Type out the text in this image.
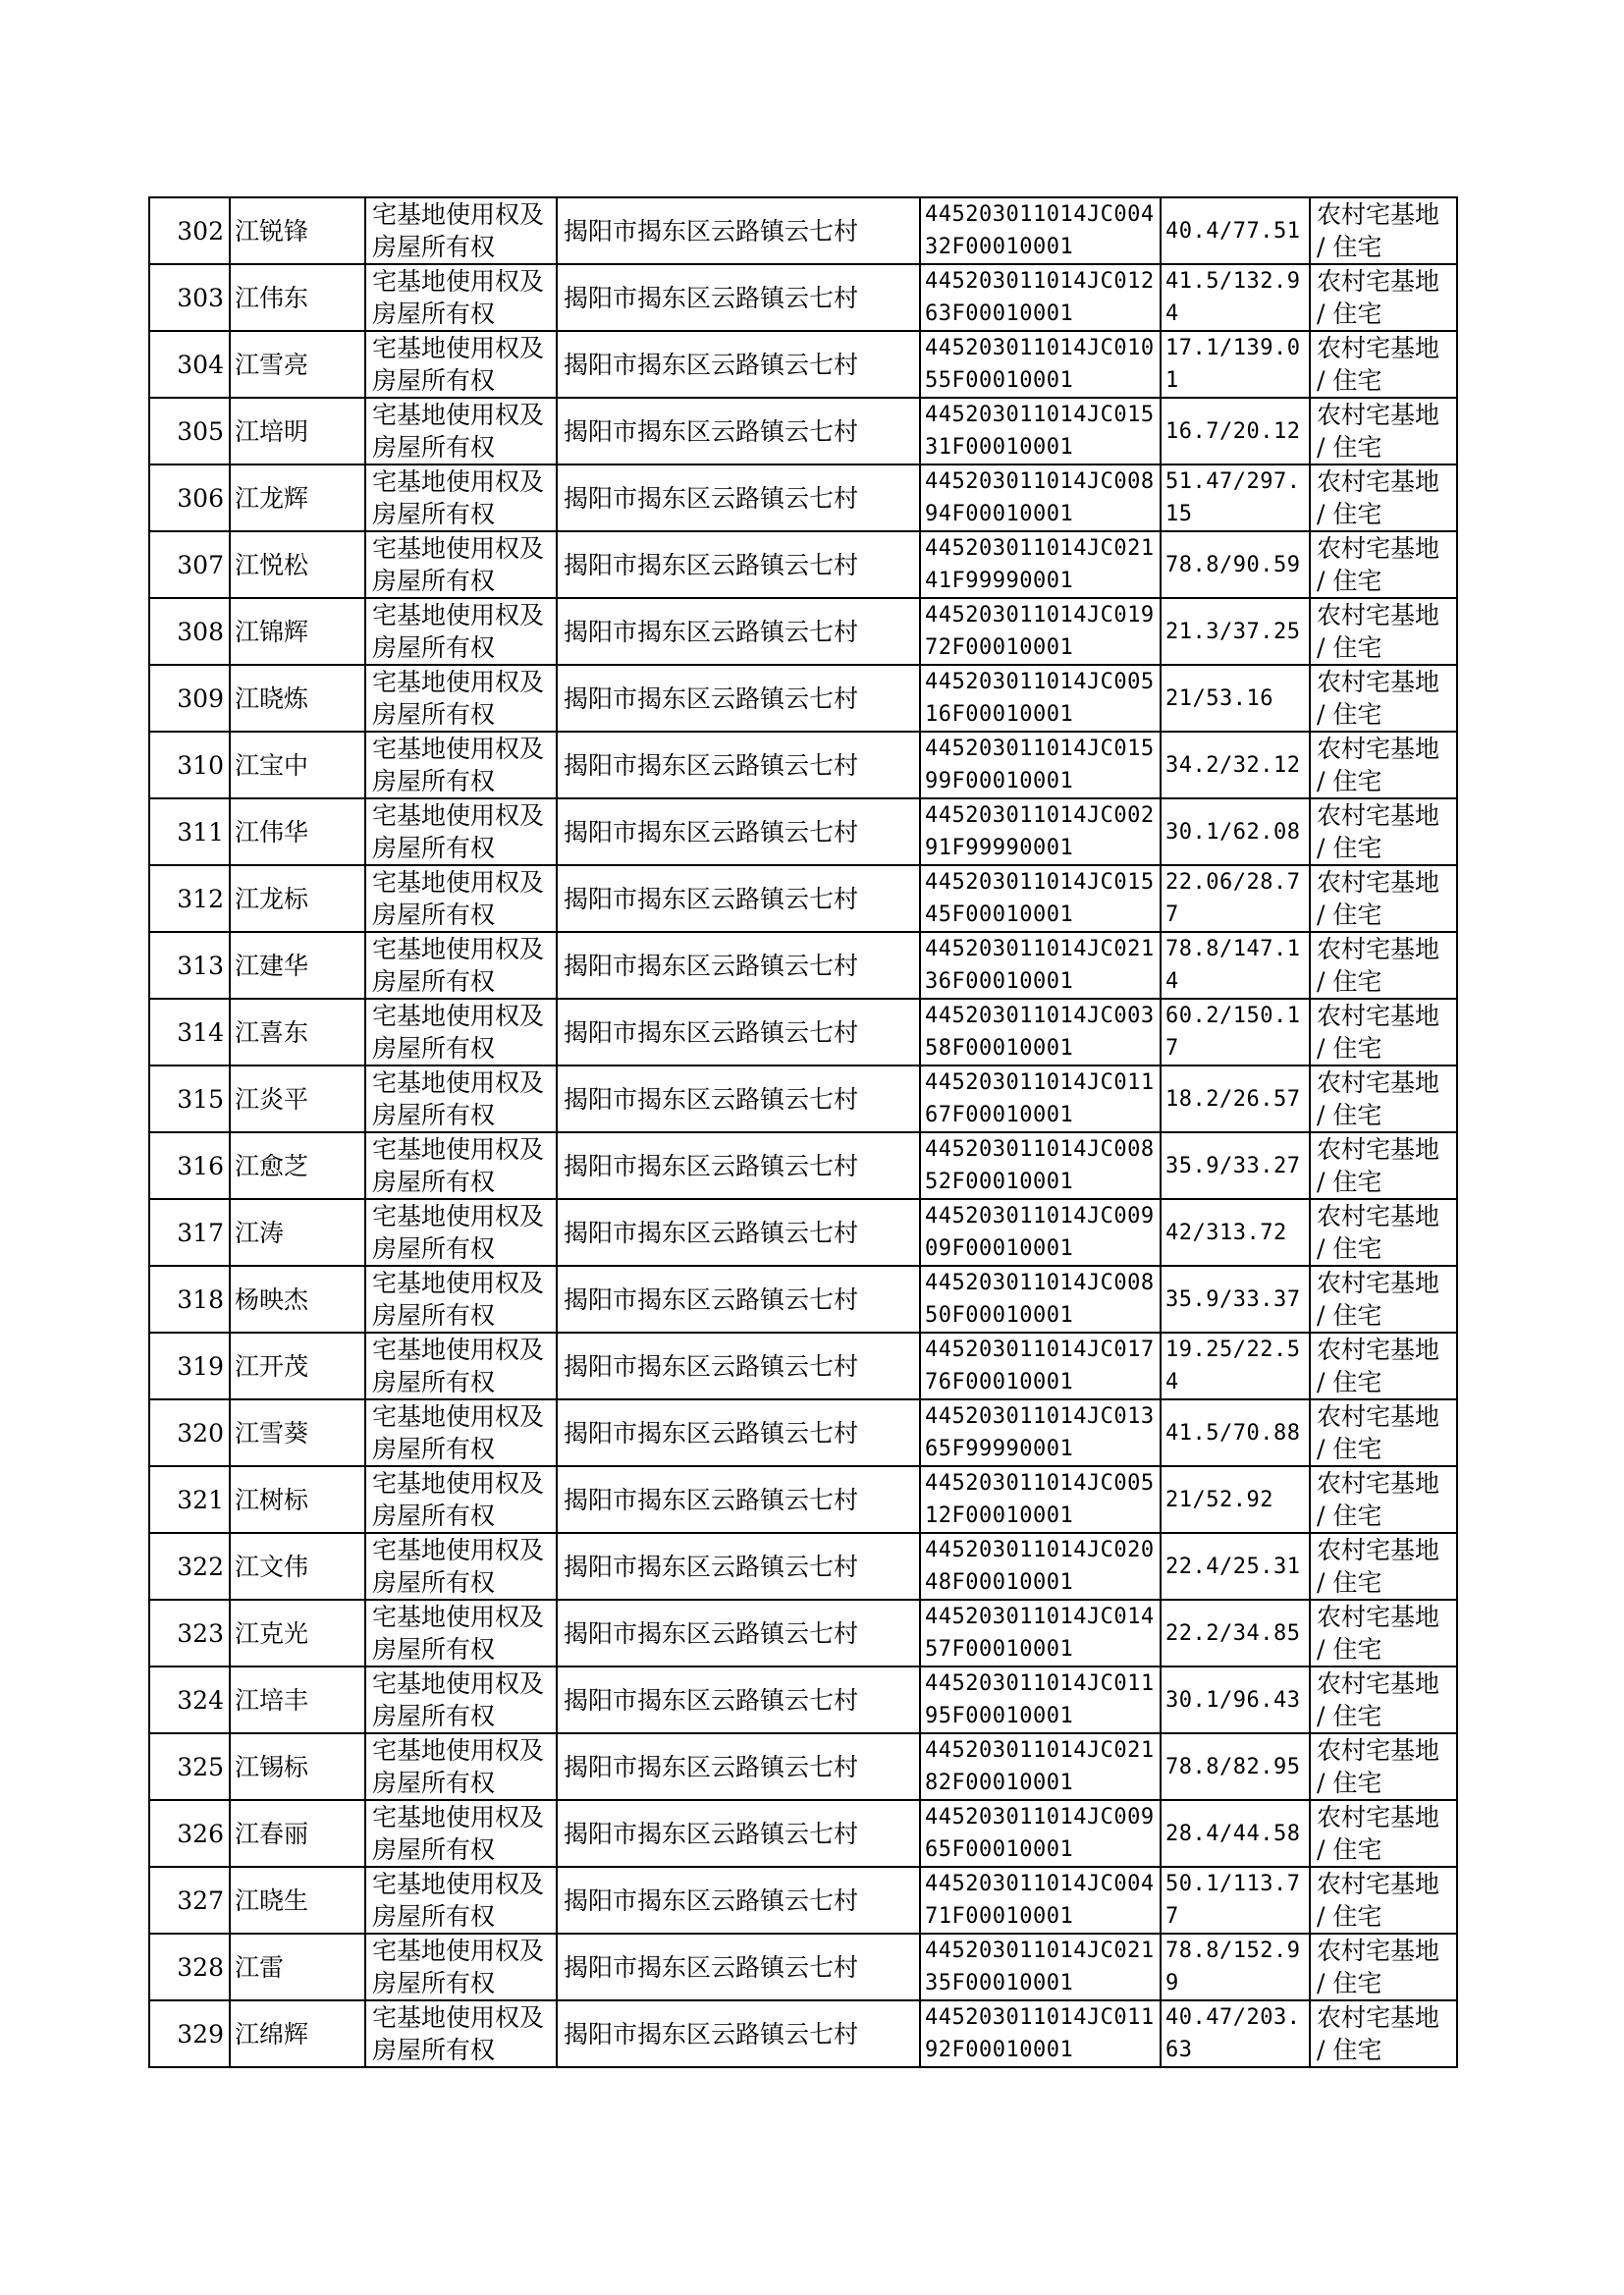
302	江锐锋	宅基地使用权及房屋所有权	揭阳市揭东区云路镇云七村	445203011014JC00432F00010001	40.4/77.51	农村宅基地 / 住宅
303	江伟东	宅基地使用权及房屋所有权	揭阳市揭东区云路镇云七村	445203011014JC01263F00010001	41.5/132.94	农村宅基地 / 住宅
304	江雪亮	宅基地使用权及房屋所有权	揭阳市揭东区云路镇云七村	445203011014JC01055F00010001	17.1/139.01	农村宅基地 / 住宅
305	江培明	宅基地使用权及房屋所有权	揭阳市揭东区云路镇云七村	445203011014JC01531F00010001	16.7/20.12	农村宅基地 / 住宅
306	江龙辉	宅基地使用权及房屋所有权	揭阳市揭东区云路镇云七村	445203011014JC00894F00010001	51.47/297.15	农村宅基地 / 住宅
307	江悦松	宅基地使用权及房屋所有权	揭阳市揭东区云路镇云七村	445203011014JC02141F99990001	78.8/90.59	农村宅基地 / 住宅
308	江锦辉	宅基地使用权及房屋所有权	揭阳市揭东区云路镇云七村	445203011014JC01972F00010001	21.3/37.25	农村宅基地 / 住宅
309	江晓炼	宅基地使用权及房屋所有权	揭阳市揭东区云路镇云七村	445203011014JC00516F00010001	21/53.16	农村宅基地 / 住宅
310	江宝中	宅基地使用权及房屋所有权	揭阳市揭东区云路镇云七村	445203011014JC01599F00010001	34.2/32.12	农村宅基地 / 住宅
311	江伟华	宅基地使用权及房屋所有权	揭阳市揭东区云路镇云七村	445203011014JC00291F99990001	30.1/62.08	农村宅基地 / 住宅
312	江龙标	宅基地使用权及房屋所有权	揭阳市揭东区云路镇云七村	445203011014JC01545F00010001	22.06/28.77	农村宅基地 / 住宅
313	江建华	宅基地使用权及房屋所有权	揭阳市揭东区云路镇云七村	445203011014JC02136F00010001	78.8/147.14	农村宅基地 / 住宅
314	江喜东	宅基地使用权及房屋所有权	揭阳市揭东区云路镇云七村	445203011014JC00358F00010001	60.2/150.17	农村宅基地 / 住宅
315	江炎平	宅基地使用权及房屋所有权	揭阳市揭东区云路镇云七村	445203011014JC01167F00010001	18.2/26.57	农村宅基地 / 住宅
316	江愈芝	宅基地使用权及房屋所有权	揭阳市揭东区云路镇云七村	445203011014JC00852F00010001	35.9/33.27	农村宅基地 / 住宅
317	江涛	宅基地使用权及房屋所有权	揭阳市揭东区云路镇云七村	445203011014JC00909F00010001	42/313.72	农村宅基地 / 住宅
318	杨映杰	宅基地使用权及房屋所有权	揭阳市揭东区云路镇云七村	445203011014JC00850F00010001	35.9/33.37	农村宅基地 / 住宅
319	江开茂	宅基地使用权及房屋所有权	揭阳市揭东区云路镇云七村	445203011014JC01776F00010001	19.25/22.54	农村宅基地 / 住宅
320	江雪葵	宅基地使用权及房屋所有权	揭阳市揭东区云路镇云七村	445203011014JC01365F99990001	41.5/70.88	农村宅基地 / 住宅
321	江树标	宅基地使用权及房屋所有权	揭阳市揭东区云路镇云七村	445203011014JC00512F00010001	21/52.92	农村宅基地 / 住宅
322	江文伟	宅基地使用权及房屋所有权	揭阳市揭东区云路镇云七村	445203011014JC02048F00010001	22.4/25.31	农村宅基地 / 住宅
323	江克光	宅基地使用权及房屋所有权	揭阳市揭东区云路镇云七村	445203011014JC01457F00010001	22.2/34.85	农村宅基地 / 住宅
324	江培丰	宅基地使用权及房屋所有权	揭阳市揭东区云路镇云七村	445203011014JC01195F00010001	30.1/96.43	农村宅基地 / 住宅
325	江锡标	宅基地使用权及房屋所有权	揭阳市揭东区云路镇云七村	445203011014JC02182F00010001	78.8/82.95	农村宅基地 / 住宅
326	江春丽	宅基地使用权及房屋所有权	揭阳市揭东区云路镇云七村	445203011014JC00965F00010001	28.4/44.58	农村宅基地 / 住宅
327	江晓生	宅基地使用权及房屋所有权	揭阳市揭东区云路镇云七村	445203011014JC00471F00010001	50.1/113.77	农村宅基地 / 住宅
328	江雷	宅基地使用权及房屋所有权	揭阳市揭东区云路镇云七村	445203011014JC02135F00010001	78.8/152.99	农村宅基地 / 住宅
329	江绵辉	宅基地使用权及房屋所有权	揭阳市揭东区云路镇云七村	445203011014JC01192F00010001	40.47/203.63	农村宅基地 / 住宅
